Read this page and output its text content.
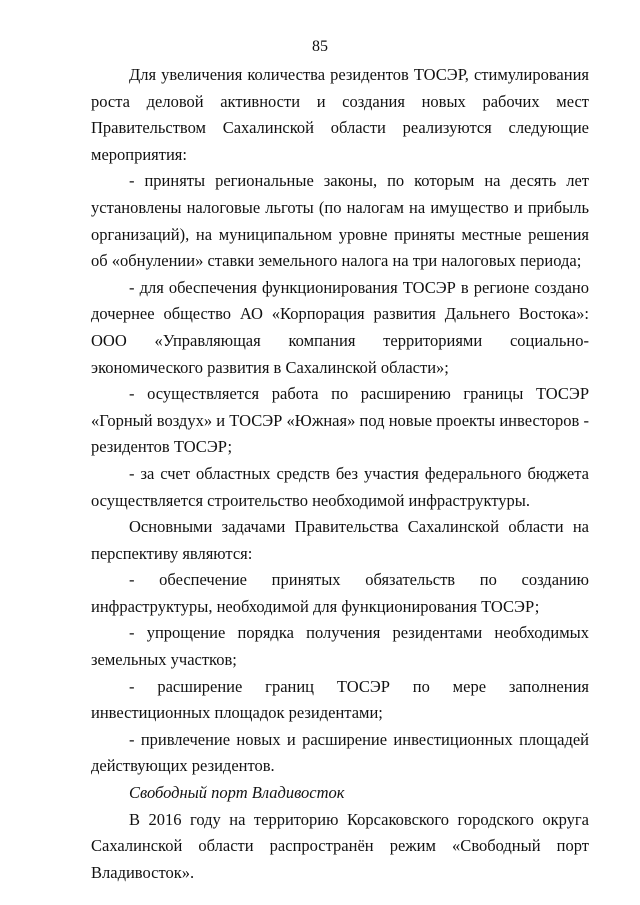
85

Для увеличения количества резидентов ТОСЭР, стимулирования роста деловой активности и создания новых рабочих мест Правительством Сахалинской области реализуются следующие мероприятия:

- приняты региональные законы, по которым на десять лет установлены налоговые льготы (по налогам на имущество и прибыль организаций), на муниципальном уровне приняты местные решения об «обнулении» ставки земельного налога на три налоговых периода;

- для обеспечения функционирования ТОСЭР в регионе создано дочернее общество АО «Корпорация развития Дальнего Востока»: ООО «Управляющая компания территориями социально-экономического развития в Сахалинской области»;

- осуществляется работа по расширению границы ТОСЭР «Горный воздух» и ТОСЭР «Южная» под новые проекты инвесторов - резидентов ТОСЭР;

- за счет областных средств без участия федерального бюджета осуществляется строительство необходимой инфраструктуры.

Основными задачами Правительства Сахалинской области на перспективу являются:

- обеспечение принятых обязательств по созданию инфраструктуры, необходимой для функционирования ТОСЭР;

- упрощение порядка получения резидентами необходимых земельных участков;

- расширение границ ТОСЭР по мере заполнения инвестиционных площадок резидентами;

- привлечение новых и расширение инвестиционных площадей действующих резидентов.

Свободный порт Владивосток

В 2016 году на территорию Корсаковского городского округа Сахалинской области распространён режим «Свободный порт Владивосток».
